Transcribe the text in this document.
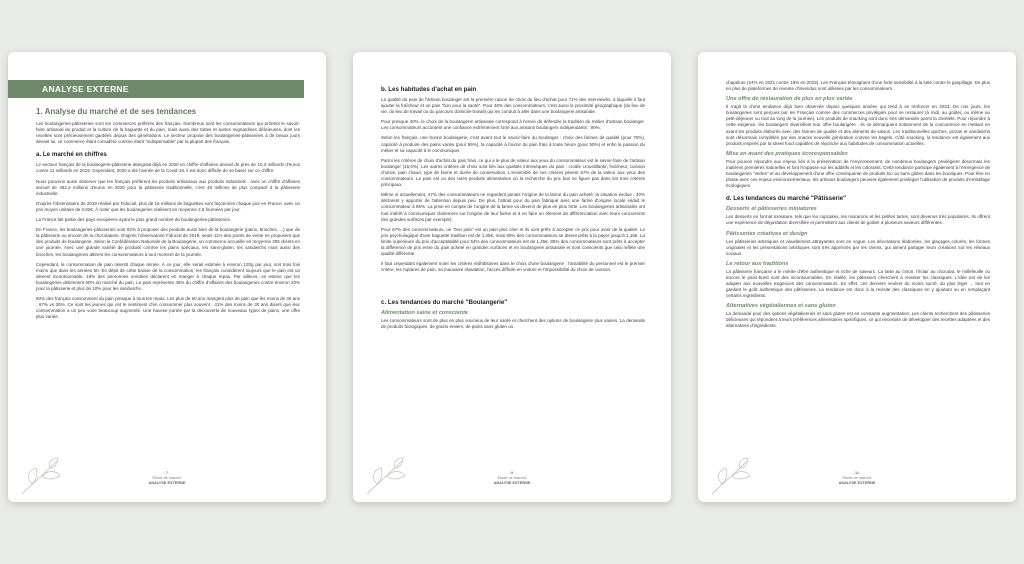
ANALYSE EXTERNE
1. Analyse du marché et de ses tendances

Les boulangeries-pâtisseries sont les commerces préférés des français. Nombreux sont les consommateurs qui prônent le savoir-faire artisanal du produit et la culture de la baguette et du pain, mais aussi des tartes et autres mignardises délicieuses, dont les recettes sont précieusement gardées depuis des générations. Le secteur propose des boulangeries-pâtisseries à de beaux jours devant lui, ce commerce étant considéré comme étant "indispensable" par la plupart des français.

a. Le marché en chiffres

Le secteur français de la boulangerie-pâtisserie atteignait déjà en 2020 un chiffre d'affaires annuel de près de 10,3 milliards d'euros contre 11 milliards en 2019. Cependant, 2020 a été l'année de la Covid-19, il est donc difficile de se baser sur ce chiffre.

Nous pouvons aussi observer que les français préfèrent les produits artisanaux aux produits industriels : avec un chiffre d'affaires annuel de 482,2 millions d'euros en 2020 pour la pâtisserie traditionnelle, c'est 48 millions de plus comparé à la pâtisserie industrielle.

D'après l'observatoire de 2019 réalisé par Fiducial, plus de 16 millions de baguettes sont façonnées chaque jour en France, avec un prix moyen unitaire de 0,92€. À noter que les boulangeries réalisent en moyenne 2,5 fournées par jour.

La France fait partie des pays européens ayant le plus grand nombre de boulangeries-pâtisseries.

En France, les boulangeries-pâtisseries sont 82% à proposer des produits aussi bien de la boulangerie (pains, brioches, ...) que de la pâtisserie ou encore de la chocolaterie. D'après l'observatoire Fiducial de 2019, seuls 11% des points de vente ne proposent que des produits de boulangerie. Selon la Confédération Nationale de la Boulangerie, un commerce accueille en moyenne 305 clients en une journée. Avec une grande variété de produits comme les pains spéciaux, les sans-gluten, les sandwichs mais aussi des brioches, les boulangeries attirent les consommateurs à tout moment de la journée.

Cependant, la consommation de pain ralentit chaque année. À ce jour, elle serait estimée à environ 120g par jour, soit trois fois moins que dans les années 50. En dépit de cette baisse de la consommation, les français considèrent toujours que le pain est un aliment incontournable. 19% des personnes sondées déclarent en manger à chaque repas. Par ailleurs, on estime que les boulangeries détiennent 60% du marché du pain. Le pain représente 45% du chiffre d'affaires des boulangeries contre environ 20% pour la pâtisserie et plus de 10% pour les sandwichs.

60% des français consomment du pain presque à tous les repas. Les plus de 60 ans mangent plus de pain que les moins de 30 ans : 67% vs 35%. Ce sont les jeunes qui ont le sentiment d'en consommer plus souvent : 41% des moins de 30 ans disent que leur consommation a un peu voire beaucoup augmenté. Une hausse portée par la découverte de nouveaux types de pains, une offre plus variée,

- 7 -
Étude de marché
ANALYSE EXTERNE
b. Les habitudes d'achat en pain

La qualité du pain de l'artisan boulanger est la première raison de choix du lieu d'achat pour 71% des interviewés, à laquelle il faut ajouter la fraîcheur et un pain "bon pour la santé". Pour 48% des consommateurs, c'est aussi la proximité géographique (du lieu de vie, du lieu de travail ou du parcours domicile-travail) qui les conduit à aller dans une boulangerie artisanale.

Pour presque 40%, le choix de la boulangerie artisanale correspond à l'envie de défendre la tradition du métier d'artisan boulanger. Les consommateurs accordent une confiance extrêmement forte aux artisans boulangers indépendants : 90%.

Selon les français, une bonne boulangerie, c'est avant tout le savoir-faire du boulanger : choix des farines de qualité (pour 70%), capacité à produire des pains variés (pour 56%), la capacité à fournir du pain frais à toute heure (pour 50%) et enfin la passion du métier et sa capacité à le communiquer.

Parmi les critères de choix d'achat du pain frais, ce qui a le plus de valeur aux yeux du consommateur est le savoir-faire de l'artisan boulanger (15,6%). Les autres critères de choix sont liés aux qualités intrinsèques du pain : croûte croustillante, fraîcheur, cuisson choisie, pain chaud, type de farine et durée de conservation. L'ensemble de ces critères pèsent 67% de la valeur aux yeux des consommateurs. Le pain est un des rares produits alimentaires où la recherche du prix bas ne figure pas dans les trois critères principaux.

Même si actuellement, 47% des consommateurs ne regardent jamais l'origine de la farine du pain acheté, la situation évolue : 40% déclarent y apporter de l'attention depuis peu. De plus, l'attrait pour du pain fabriqué avec une farine d'origine locale séduit le consommateur à 86%. La prise en compte de l'origine de la farine va devenir de plus en plus forte. Les boulangeries artisanales ont tout intérêt à communiquer clairement sur l'origine de leur farine et à en faire un élément de différenciation avec leurs concurrents (les grandes surfaces par exemple).

Pour 67% des consommateurs, un "bon pain" est un pain plus cher et ils sont prêts à accepter ce prix pour avoir de la qualité. Le prix psychologique d'une baguette tradition est de 1,05€, mais 80% des consommateurs se disent prêts à la payer jusqu'à 1,15€. La limite supérieure du prix d'acceptabilité pour 54% des consommateurs est de 1,45€. 85% des consommateurs sont prêts à accepter la différence de prix entre du pain acheté en grandes surfaces et en boulangerie artisanale et sont conscients que cela reflète une qualité différente.

Il faut cependant également noter les critères rédhibitoires dans le choix d'une boulangerie : l'amabilité du personnel est le premier critère, les ruptures de pain, sa mauvaise réputation, l'accès difficile en voiture et l'impossibilité du choix de cuisson.

c. Les tendances du marché "Boulangerie"
Alimentation saine et consciente

Les consommateurs sont de plus en plus soucieux de leur santé et cherchent des options de boulangerie plus saines. La demande de produits biologiques, de grains entiers, de pains sans gluten ou

- 9 -
Étude de marché
ANALYSE EXTERNE

chapelure (24% en 2021 contre 19% en 2015). Les Français témoignent d'une forte sensibilité à la lutte contre le gaspillage. De plus en plus de plateformes de revente d'invendus sont utilisées par les consommateurs.

Une offre de restauration de plus en plus variée

Il s'agit là d'une tendance déjà bien observée depuis quelques années qui tend à se renforcer en 2023. De nos jours, les boulangeries sont perçues par les Français comme des commerces privilégiés pour se restaurer (à midi, au goûter, ou même au petit-déjeuner ou tout au long de la journée). Les produits de snacking sont donc très demandés parmi la clientèle. Pour répondre à cette exigence, les boulangers diversifient leur offre boulangère : ils se démarquent notamment de la concurrence en mettant en avant les produits élaborés avec des farines de qualité et des aliments de saison. Les traditionnelles quiches, pizzas et sandwichs sont désormais complétés par des snacks nouvelle génération comme les bagels. Côté snacking, la tendance est également aux produits inspirés par la street food capables de répondre aux habitudes de consommation actuelles.

Mise en avant des pratiques écoresponsables

Pour pouvoir répondre aux enjeux liés à la préservation de l'environnement, de nombreux boulangers privilégient désormais les matières premières naturelles et font l'impasse sur les additifs et les colorants. Cette tendance participe également à l'émergence de boulangeries "vertes" et au développement d'une offre conséquente de produits bio ou sans gluten dans les boutiques. Pour être en phase avec ces enjeux environnementaux, les artisans boulangers peuvent également privilégier l'utilisation de produits d'emballage écologiques.

d. Les tendances du marché "Pâtisserie"
Desserts et pâtisseries miniatures

Les desserts en format miniature, tels que les cupcakes, les macarons et les petites tartes, sont devenus très populaires. Ils offrent une expérience de dégustation diversifiée et permettent aux clients de goûter à plusieurs saveurs différentes.

Pâtisseries créatives et design

Les pâtisseries artistiques et visuellement attrayantes sont en vogue. Les décorations élaborées, les glaçages colorés, les formes originales et les présentations artistiques sont très appréciés par les clients, qui aiment partager leurs créations sur les réseaux sociaux.

Le retour aux traditions

La pâtisserie française a le mérite d'être authentique et riche de saveurs. La tarte au citron, l'éclair au chocolat, le millefeuille ou encore le paris-brest sont des incontournables. En réalité, les pâtissiers cherchent à revisiter les classiques. L'idée est de les adapter aux nouvelles exigences des consommateurs. En effet, ces derniers veulent du moins sucré, du plus léger ... tout en gardant le goût authentique des pâtisseries. La tendance est donc à la revisite des classiques en y ajoutant ou en remplaçant certains ingrédients.

Alternatives végétaliennes et sans gluten

La demande pour des options végétaliennes et sans gluten est en constante augmentation. Les clients recherchent des pâtisseries délicieuses qui répondent à leurs préférences alimentaires spécifiques, ce qui nécessite de développer des recettes adaptées et des alternatives d'ingrédients.

- 11 -
Étude de marché
ANALYSE EXTERNE
